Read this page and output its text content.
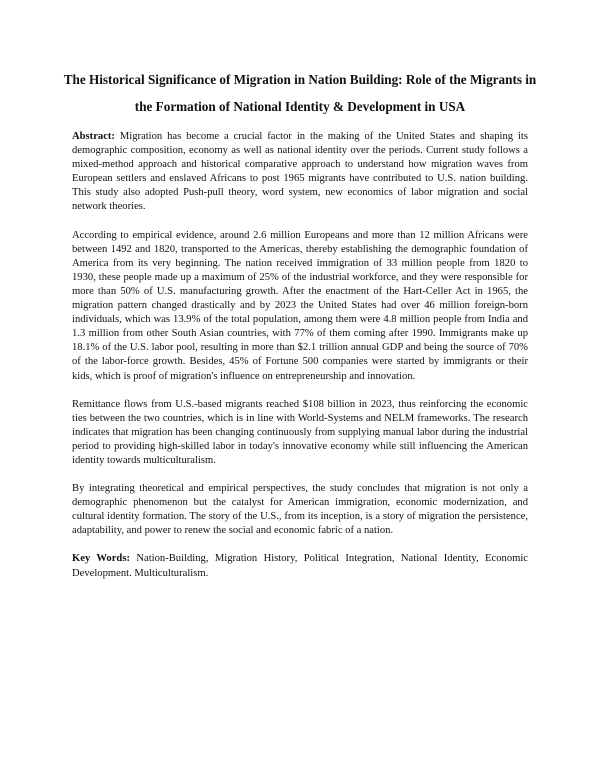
The Historical Significance of Migration in Nation Building: Role of the Migrants in the Formation of National Identity & Development in USA

Abstract: Migration has become a crucial factor in the making of the United States and shaping its demographic composition, economy as well as national identity over the periods. Current study follows a mixed-method approach and historical comparative approach to understand how migration waves from European settlers and enslaved Africans to post 1965 migrants have contributed to U.S. nation building. This study also adopted Push-pull theory, word system, new economics of labor migration and social network theories.

According to empirical evidence, around 2.6 million Europeans and more than 12 million Africans were between 1492 and 1820, transported to the Americas, thereby establishing the demographic foundation of America from its very beginning. The nation received immigration of 33 million people from 1820 to 1930, these people made up a maximum of 25% of the industrial workforce, and they were responsible for more than 50% of U.S. manufacturing growth. After the enactment of the Hart-Celler Act in 1965, the migration pattern changed drastically and by 2023 the United States had over 46 million foreign-born individuals, which was 13.9% of the total population, among them were 4.8 million people from India and 1.3 million from other South Asian countries, with 77% of them coming after 1990. Immigrants make up 18.1% of the U.S. labor pool, resulting in more than $2.1 trillion annual GDP and being the source of 70% of the labor-force growth. Besides, 45% of Fortune 500 companies were started by immigrants or their kids, which is proof of migration's influence on entrepreneurship and innovation.

Remittance flows from U.S.-based migrants reached $108 billion in 2023, thus reinforcing the economic ties between the two countries, which is in line with World-Systems and NELM frameworks. The research indicates that migration has been changing continuously from supplying manual labor during the industrial period to providing high-skilled labor in today's innovative economy while still influencing the American identity towards multiculturalism.

By integrating theoretical and empirical perspectives, the study concludes that migration is not only a demographic phenomenon but the catalyst for American immigration, economic modernization, and cultural identity formation. The story of the U.S., from its inception, is a story of migration the persistence, adaptability, and power to renew the social and economic fabric of a nation.

Key Words: Nation-Building, Migration History, Political Integration, National Identity, Economic Development. Multiculturalism.
